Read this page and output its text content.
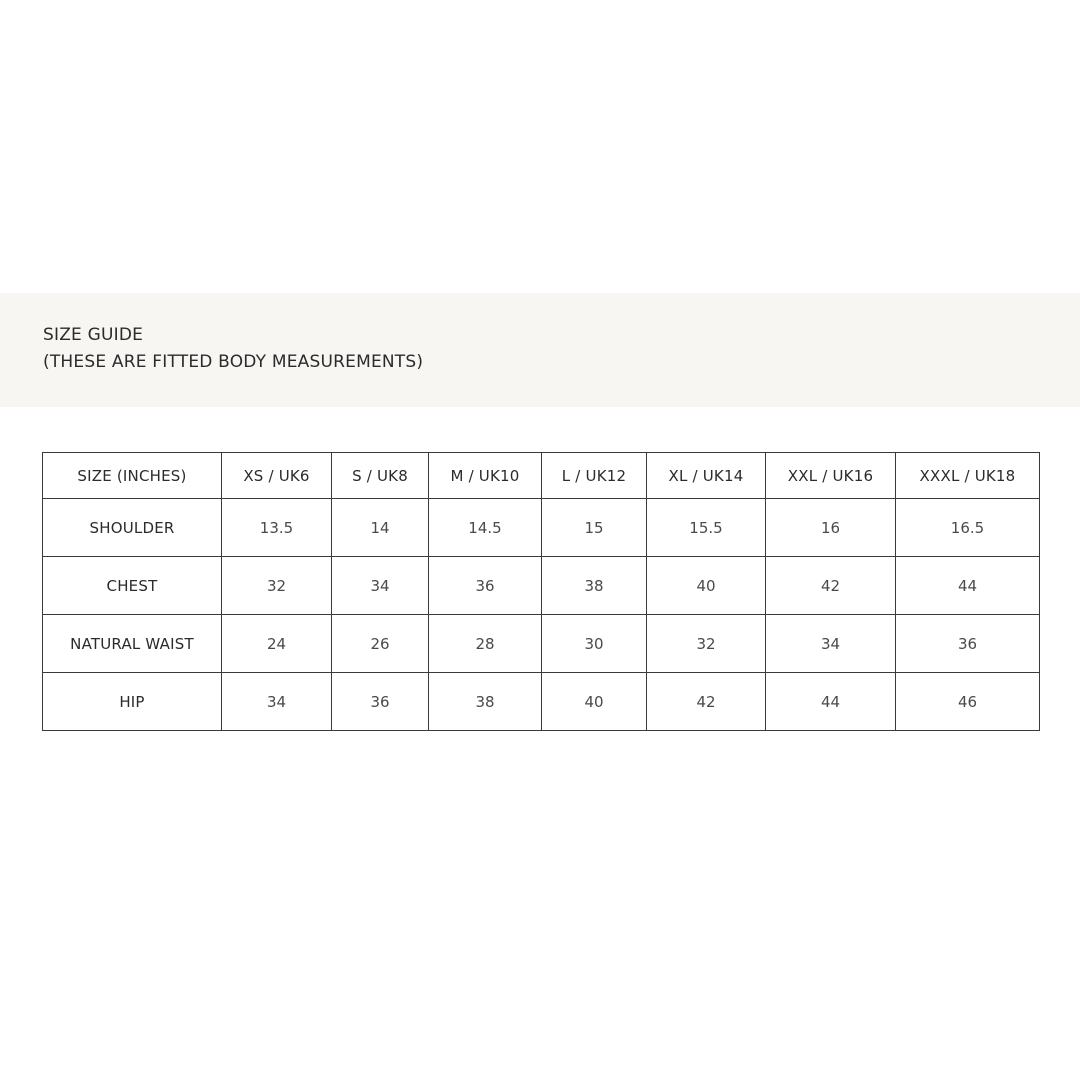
SIZE GUIDE
(THESE ARE FITTED BODY MEASUREMENTS)
SIZE (INCHES)	XS / UK6	S / UK8	M / UK10	L / UK12	XL / UK14	XXL / UK16	XXXL / UK18
SHOULDER	13.5	14	14.5	15	15.5	16	16.5
CHEST	32	34	36	38	40	42	44
NATURAL WAIST	24	26	28	30	32	34	36
HIP	34	36	38	40	42	44	46
